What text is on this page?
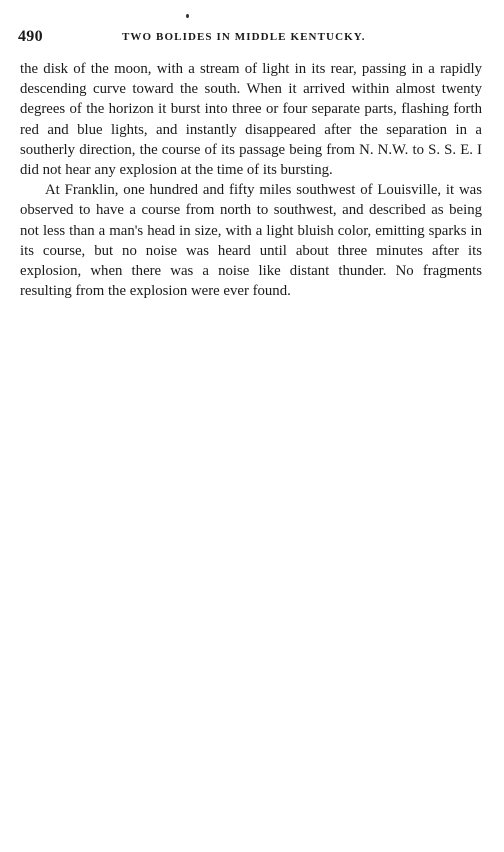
490	TWO BOLIDES IN MIDDLE KENTUCKY.

the disk of the moon, with a stream of light in its rear, passing in a rapidly descending curve toward the south. When it arrived within almost twenty degrees of the horizon it burst into three or four separate parts, flashing forth red and blue lights, and instantly disappeared after the separation in a southerly direction, the course of its passage being from N. N.W. to S. S. E. I did not hear any explosion at the time of its bursting.

At Franklin, one hundred and fifty miles southwest of Louisville, it was observed to have a course from north to southwest, and described as being not less than a man's head in size, with a light bluish color, emitting sparks in its course, but no noise was heard until about three minutes after its explosion, when there was a noise like distant thunder. No fragments resulting from the explosion were ever found.
